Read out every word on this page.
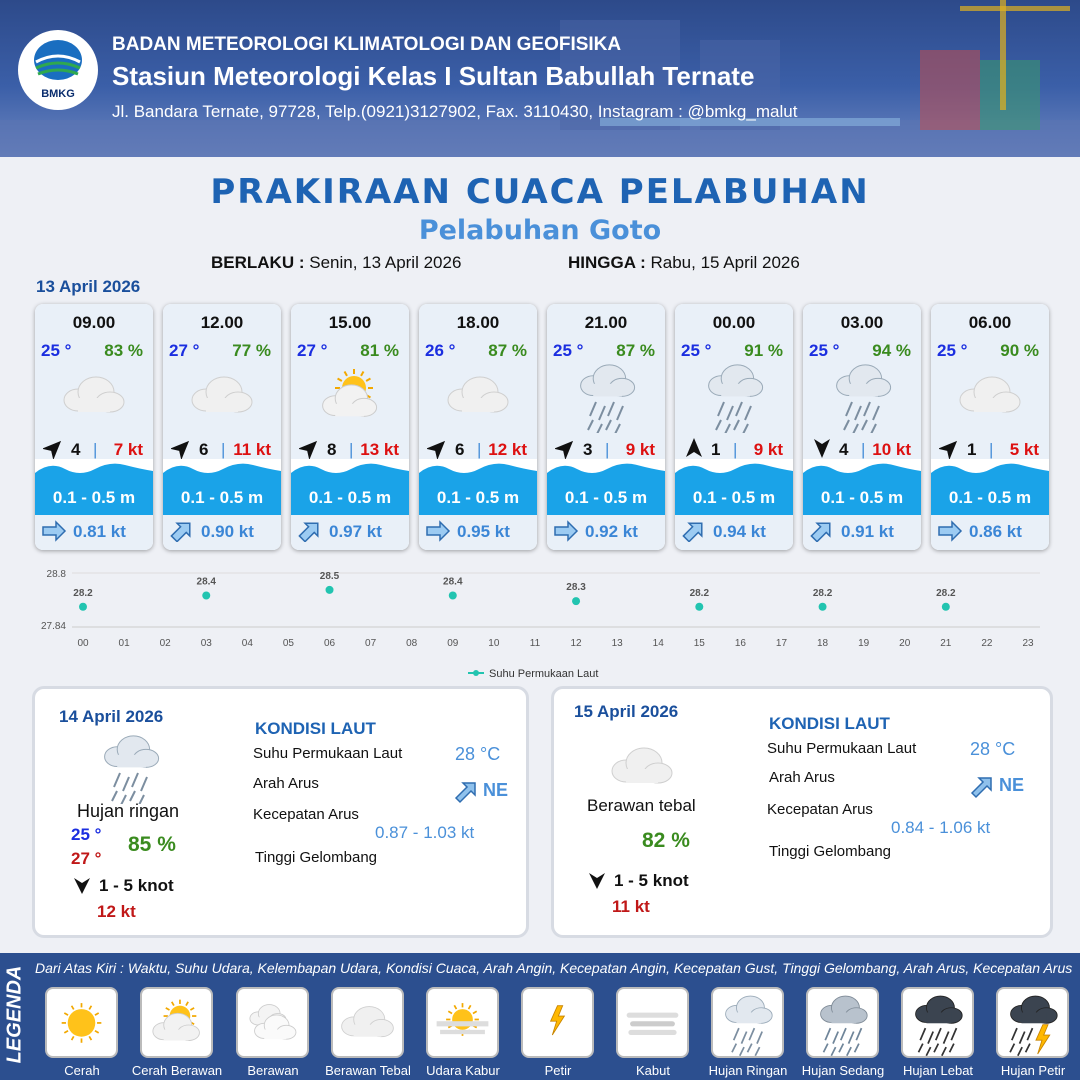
BMKG
BADAN METEOROLOGI KLIMATOLOGI DAN GEOFISIKA
Stasiun Meteorologi Kelas I Sultan Babullah Ternate
Jl. Bandara Ternate, 97728, Telp.(0921)3127902, Fax. 3110430, Instagram : @bmkg_malut
PRAKIRAAN CUACA PELABUHAN
Pelabuhan Goto
BERLAKU : Senin, 13 April 2026	HINGGA : Rabu, 15 April 2026
13 April 2026
09.00
25 ° 83 %
4 | 7 kt
0.1 - 0.5 m
0.81 kt
12.00
27 ° 77 %
6 | 11 kt
0.1 - 0.5 m
0.90 kt
15.00
27 ° 81 %
8 | 13 kt
0.1 - 0.5 m
0.97 kt
18.00
26 ° 87 %
6 | 12 kt
0.1 - 0.5 m
0.95 kt
21.00
25 ° 87 %
3 | 9 kt
0.1 - 0.5 m
0.92 kt
00.00
25 ° 91 %
1 | 9 kt
0.1 - 0.5 m
0.94 kt
03.00
25 ° 94 %
4 | 10 kt
0.1 - 0.5 m
0.91 kt
06.00
25 ° 90 %
1 | 5 kt
0.1 - 0.5 m
0.86 kt
28.8
27.84
00	01	02	03	04	05	06	07	08	09	10	11	12	13	14	15	16	17	18	19	20	21	22	23
28.2
28.4
28.5
28.4
28.3
28.2	28.2	28.2
Suhu Permukaan Laut
14 April 2026
Hujan ringan
25 °
27 °
85 %
1 - 5 knot
12 kt
KONDISI LAUT
Suhu Permukaan Laut	28 °C
Arah Arus	NE
Kecepatan Arus
0.87 - 1.03 kt
Tinggi Gelombang
15 April 2026
Berawan tebal
82 %
1 - 5 knot
11 kt
KONDISI LAUT
Suhu Permukaan Laut	28 °C
Arah Arus	NE
Kecepatan Arus
0.84 - 1.06 kt
Tinggi Gelombang
LEGENDA Dari Atas Kiri : Waktu, Suhu Udara, Kelembapan Udara, Kondisi Cuaca, Arah Angin, Kecepatan Angin, Kecepatan Gust, Tinggi Gelombang, Arah Arus, Kecepatan Arus
Cerah	Cerah Berawan	Berawan	Berawan Tebal	Udara Kabur	Petir	Kabut	Hujan Ringan	Hujan Sedang	Hujan Lebat	Hujan Petir
